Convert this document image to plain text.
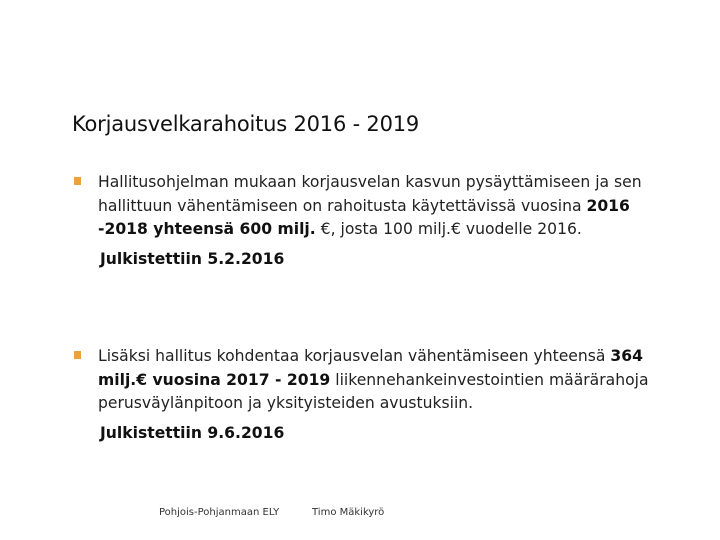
Korjausvelkarahoitus 2016 - 2019
Hallitusohjelman mukaan korjausvelan kasvun pysäyttämiseen ja sen hallittuun vähentämiseen on rahoitusta käytettävissä vuosina 2016 -2018 yhteensä 600 milj. €, josta 100 milj.€ vuodelle 2016.
Julkistettiin 5.2.2016
Lisäksi hallitus kohdentaa korjausvelan vähentämiseen yhteensä 364 milj.€ vuosina 2017 - 2019 liikennehankeinvestointien määrärahoja perusväylänpitoon ja yksityisteiden avustuksiin.
Julkistettiin 9.6.2016
Pohjois-Pohjanmaan ELY	Timo Mäkikyrö
